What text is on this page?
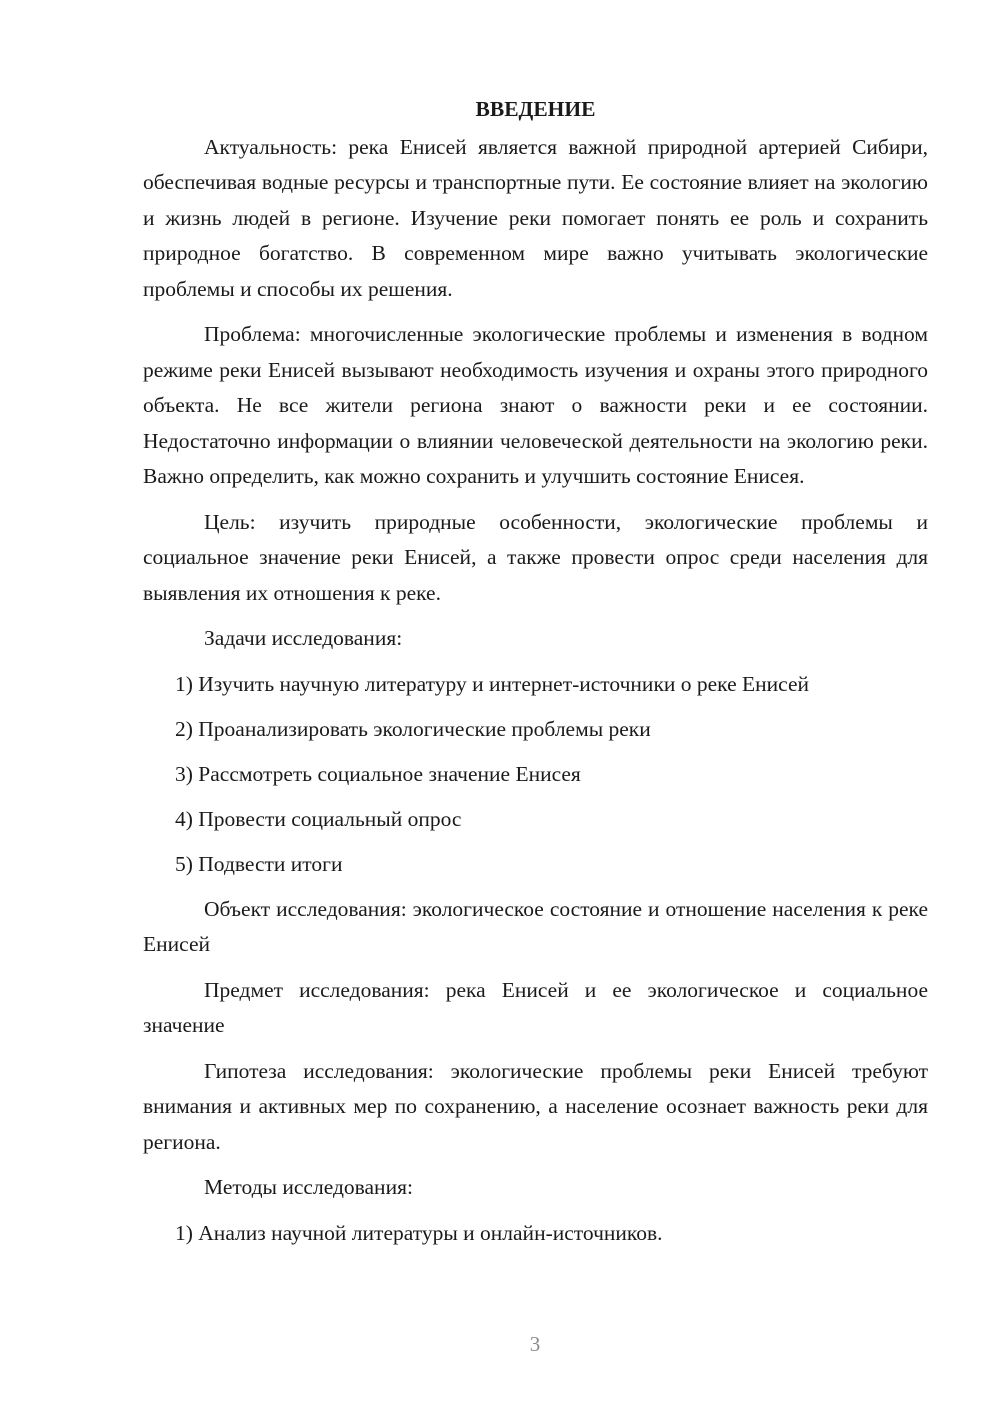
ВВЕДЕНИЕ

Актуальность: река Енисей является важной природной артерией Сибири, обеспечивая водные ресурсы и транспортные пути. Ее состояние влияет на экологию и жизнь людей в регионе. Изучение реки помогает понять ее роль и сохранить природное богатство. В современном мире важно учитывать экологические проблемы и способы их решения.

Проблема: многочисленные экологические проблемы и изменения в водном режиме реки Енисей вызывают необходимость изучения и охраны этого природного объекта. Не все жители региона знают о важности реки и ее состоянии. Недостаточно информации о влиянии человеческой деятельности на экологию реки. Важно определить, как можно сохранить и улучшить состояние Енисея.

Цель: изучить природные особенности, экологические проблемы и социальное значение реки Енисей, а также провести опрос среди населения для выявления их отношения к реке.

Задачи исследования:

1) Изучить научную литературу и интернет-источники о реке Енисей

2) Проанализировать экологические проблемы реки

3) Рассмотреть социальное значение Енисея

4) Провести социальный опрос

5) Подвести итоги

Объект исследования: экологическое состояние и отношение населения к реке Енисей

Предмет исследования: река Енисей и ее экологическое и социальное значение

Гипотеза исследования: экологические проблемы реки Енисей требуют внимания и активных мер по сохранению, а население осознает важность реки для региона.

Методы исследования:

1) Анализ научной литературы и онлайн-источников.

3
